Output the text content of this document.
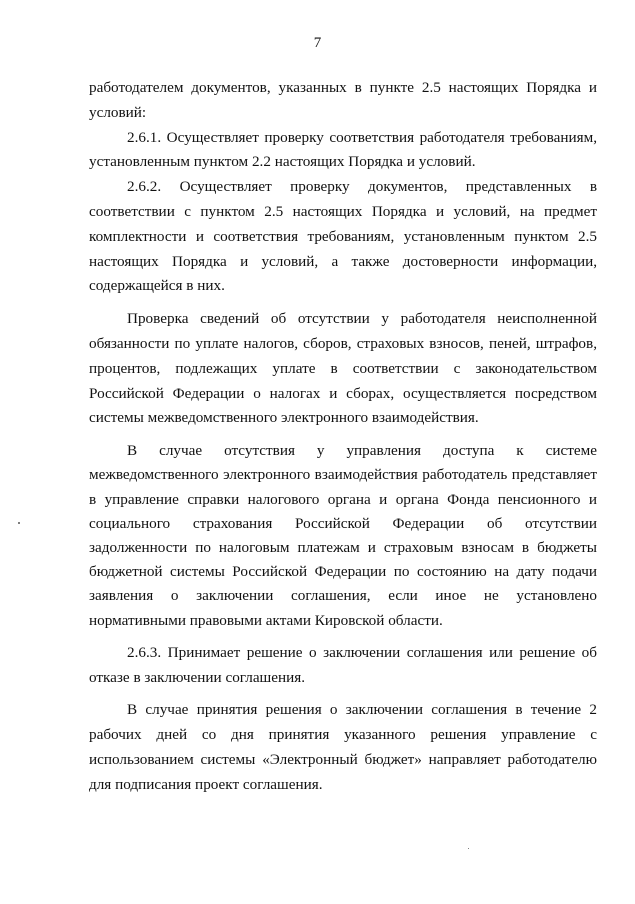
7

работодателем документов, указанных в пункте 2.5 настоящих Порядка и условий:

2.6.1. Осуществляет проверку соответствия работодателя требованиям, установленным пунктом 2.2 настоящих Порядка и условий.

2.6.2. Осуществляет проверку документов, представленных в соответствии с пунктом 2.5 настоящих Порядка и условий, на предмет комплектности и соответствия требованиям, установленным пунктом 2.5 настоящих Порядка и условий, а также достоверности информации, содержащейся в них.

Проверка сведений об отсутствии у работодателя неисполненной обязанности по уплате налогов, сборов, страховых взносов, пеней, штрафов, процентов, подлежащих уплате в соответствии с законодательством Российской Федерации о налогах и сборах, осуществляется посредством системы межведомственного электронного взаимодействия.

В случае отсутствия у управления доступа к системе межведомственного электронного взаимодействия работодатель представляет в управление справки налогового органа и органа Фонда пенсионного и социального страхования Российской Федерации об отсутствии задолженности по налоговым платежам и страховым взносам в бюджеты бюджетной системы Российской Федерации по состоянию на дату подачи заявления о заключении соглашения, если иное не установлено нормативными правовыми актами Кировской области.

2.6.3. Принимает решение о заключении соглашения или решение об отказе в заключении соглашения.

В случае принятия решения о заключении соглашения в течение 2 рабочих дней со дня принятия указанного решения управление с использованием системы «Электронный бюджет» направляет работодателю для подписания проект соглашения.
